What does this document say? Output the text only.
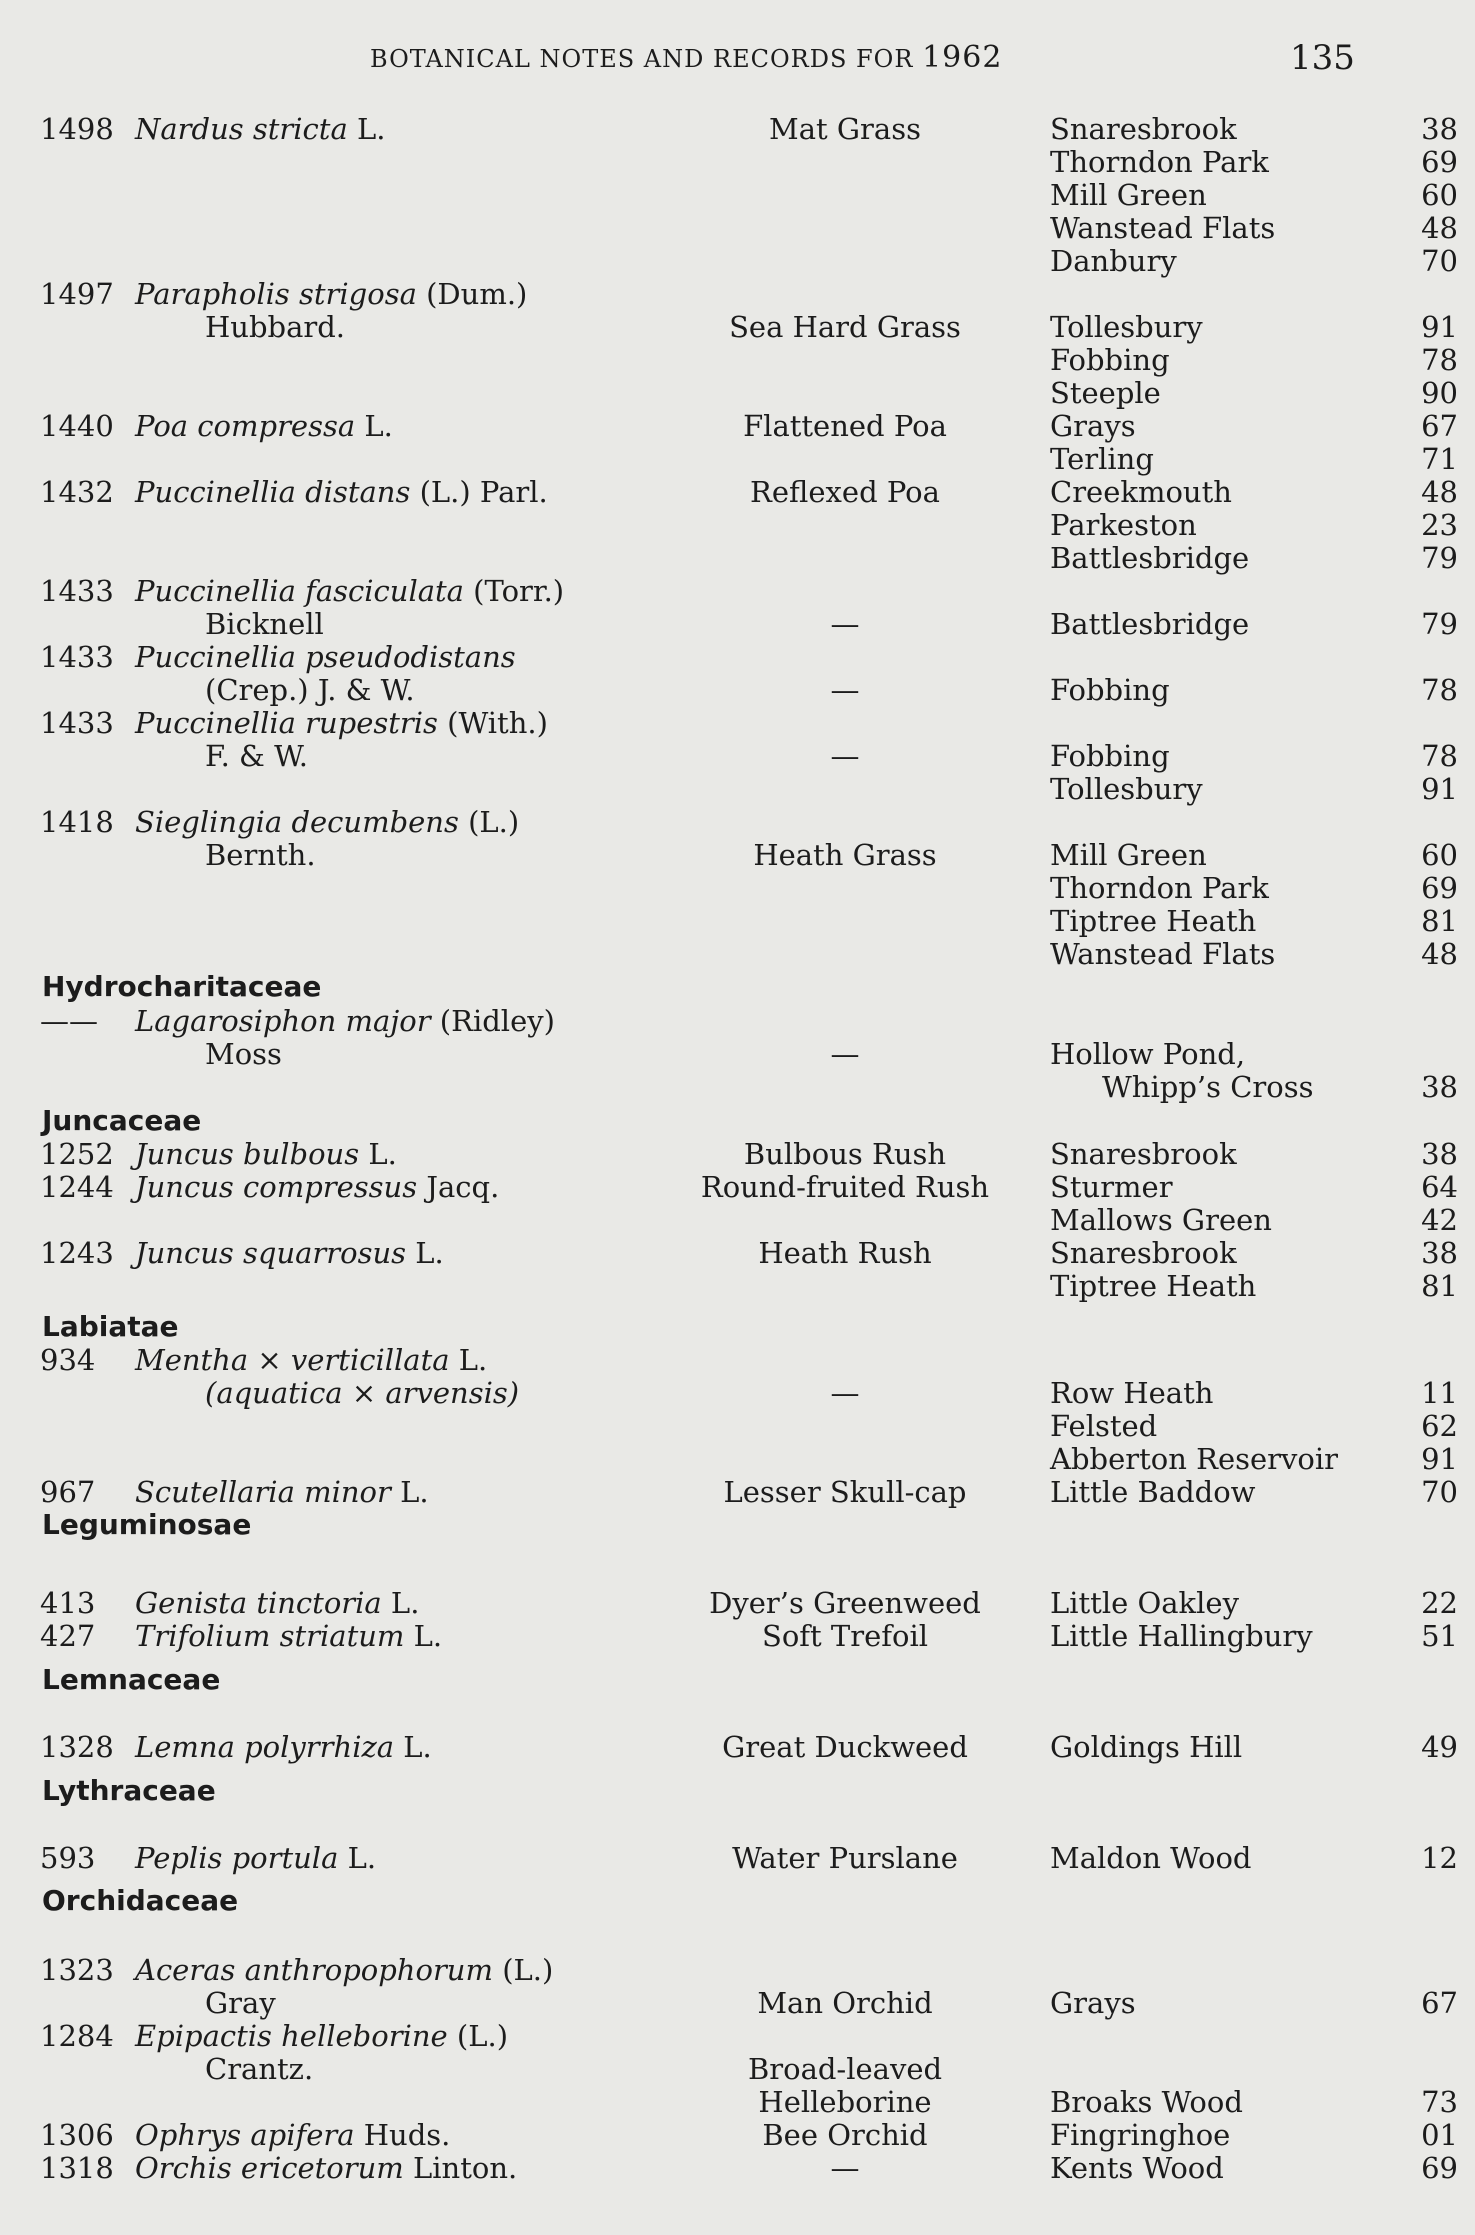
BOTANICAL NOTES AND RECORDS FOR 1962	135
1498 Nardus stricta L.	Mat Grass	Snaresbrook	38
Thorndon Park	69
Mill Green	60
Wanstead Flats	48
Danbury	70
1497 Parapholis strigosa (Dum.)
Hubbard.	Sea Hard Grass	Tollesbury	91
Fobbing	78
Steeple	90
1440 Poa compressa L.	Flattened Poa	Grays	67
Terling	71
1432 Puccinellia distans (L.) Parl.	Reflexed Poa	Creekmouth	48
Parkeston	23
Battlesbridge	79
1433 Puccinellia fasciculata (Torr.)
Bicknell	—	Battlesbridge	79
1433 Puccinellia pseudodistans
(Crep.) J. & W.	—	Fobbing	78
1433 Puccinellia rupestris (With.)
F. & W.	—	Fobbing	78
Tollesbury	91
1418 Sieglingia decumbens (L.)
Bernth.	Heath Grass	Mill Green	60
Thorndon Park	69
Tiptree Heath	81
Wanstead Flats	48
Hydrocharitaceae
—— Lagarosiphon major (Ridley)
Moss	—	Hollow Pond,
Whipp’s Cross	38
Juncaceae
1252 Juncus bulbous L.	Bulbous Rush	Snaresbrook	38
1244 Juncus compressus Jacq.	Round-fruited Rush	Sturmer	64
Mallows Green	42
1243 Juncus squarrosus L.	Heath Rush	Snaresbrook	38
Tiptree Heath	81
Labiatae
934	Mentha × verticillata L.
(aquatica × arvensis)	—	Row Heath	11
Felsted	62
Abberton Reservoir	91
967	Scutellaria minor L.	Lesser Skull-cap	Little Baddow	70
Leguminosae
413	Genista tinctoria L.	Dyer’s Greenweed	Little Oakley	22
427	Trifolium striatum L.	Soft Trefoil	Little Hallingbury	51
Lemnaceae
1328 Lemna polyrrhiza L.	Great Duckweed	Goldings Hill	49
Lythraceae
593	Peplis portula L.	Water Purslane	Maldon Wood	12
Orchidaceae
1323 Aceras anthropophorum (L.)
Gray	Man Orchid	Grays	67
1284 Epipactis helleborine (L.)
Crantz.	Broad-leaved
Helleborine	Broaks Wood	73
1306 Ophrys apifera Huds.	Bee Orchid	Fingringhoe	01
1318 Orchis ericetorum Linton.	—	Kents Wood	69
